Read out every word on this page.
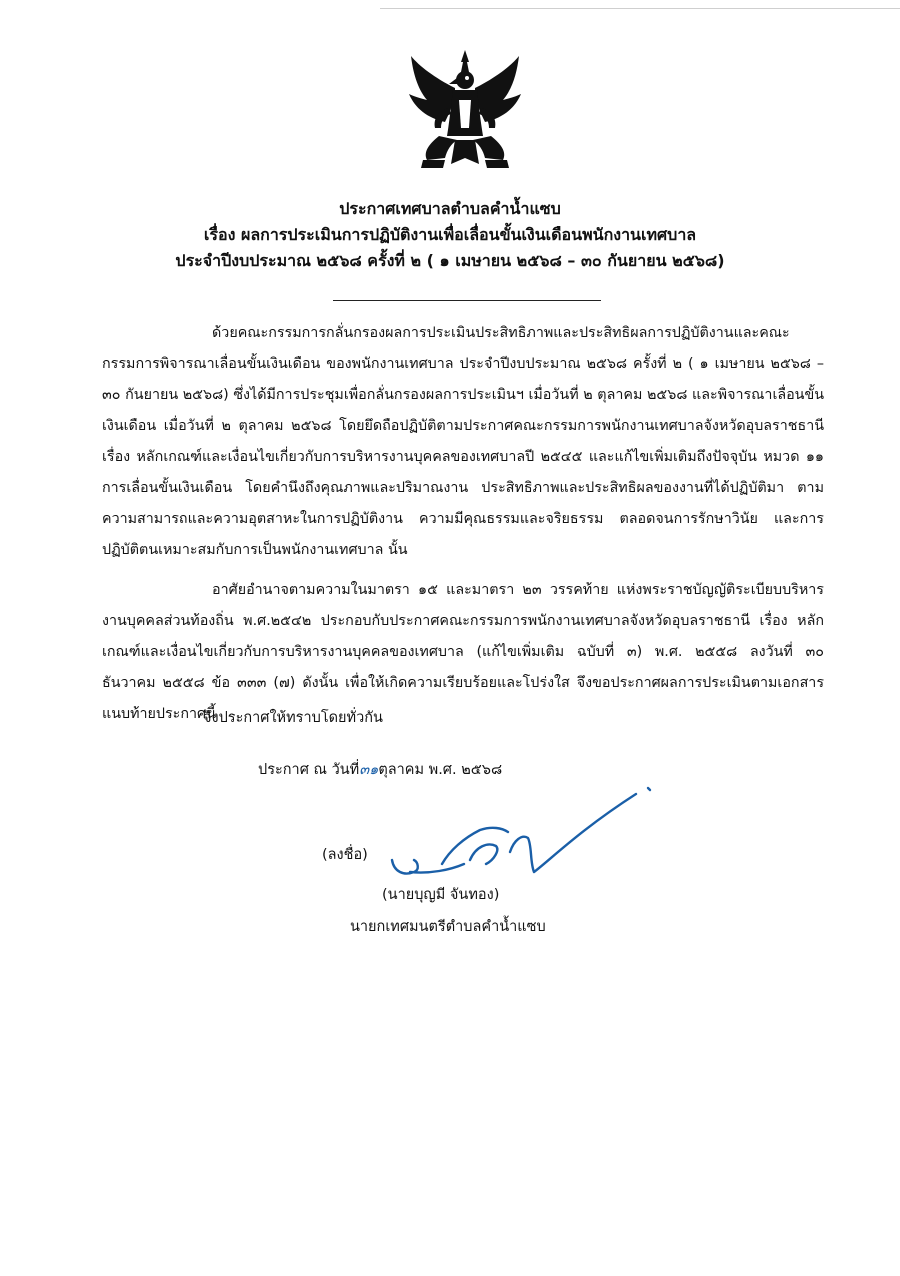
ประกาศเทศบาลตำบลคำน้ำแซบ
เรื่อง ผลการประเมินการปฏิบัติงานเพื่อเลื่อนขั้นเงินเดือนพนักงานเทศบาล
ประจำปีงบประมาณ ๒๕๖๘ ครั้งที่ ๒ ( ๑ เมษายน ๒๕๖๘ – ๓๐ กันยายน ๒๕๖๘)

ด้วยคณะกรรมการกลั่นกรองผลการประเมินประสิทธิภาพและประสิทธิผลการปฏิบัติงานและคณะกรรมการพิจารณาเลื่อนขั้นเงินเดือน ของพนักงานเทศบาล ประจำปีงบประมาณ ๒๕๖๘ ครั้งที่ ๒ ( ๑ เมษายน ๒๕๖๘ – ๓๐ กันยายน ๒๕๖๘) ซึ่งได้มีการประชุมเพื่อกลั่นกรองผลการประเมินฯ เมื่อวันที่ ๒ ตุลาคม ๒๕๖๘ และพิจารณาเลื่อนขั้นเงินเดือน เมื่อวันที่ ๒ ตุลาคม ๒๕๖๘ โดยยึดถือปฏิบัติตามประกาศคณะกรรมการพนักงานเทศบาลจังหวัดอุบลราชธานี เรื่อง หลักเกณฑ์และเงื่อนไขเกี่ยวกับการบริหารงานบุคคลของเทศบาลปี ๒๕๔๕ และแก้ไขเพิ่มเติมถึงปัจจุบัน หมวด ๑๑ การเลื่อนขั้นเงินเดือน โดยคำนึงถึงคุณภาพและปริมาณงาน ประสิทธิภาพและประสิทธิผลของงานที่ได้ปฏิบัติมา ตามความสามารถและความอุตสาหะในการปฏิบัติงาน ความมีคุณธรรมและจริยธรรม ตลอดจนการรักษาวินัย และการปฏิบัติตนเหมาะสมกับการเป็นพนักงานเทศบาล นั้น

อาศัยอำนาจตามความในมาตรา ๑๕ และมาตรา ๒๓ วรรคท้าย แห่งพระราชบัญญัติระเบียบบริหารงานบุคคลส่วนท้องถิ่น พ.ศ.๒๕๔๒ ประกอบกับประกาศคณะกรรมการพนักงานเทศบาลจังหวัดอุบลราชธานี เรื่อง หลักเกณฑ์และเงื่อนไขเกี่ยวกับการบริหารงานบุคคลของเทศบาล (แก้ไขเพิ่มเติม ฉบับที่ ๓) พ.ศ. ๒๕๕๘ ลงวันที่ ๓๐ ธันวาคม ๒๕๕๘ ข้อ ๓๓๓ (๗) ดังนั้น เพื่อให้เกิดความเรียบร้อยและโปร่งใส จึงขอประกาศผลการประเมินตามเอกสารแนบท้ายประกาศนี้

จึงประกาศให้ทราบโดยทั่วกัน
ประกาศ ณ วันที่๓๑ตุลาคม พ.ศ. ๒๕๖๘
(ลงชื่อ)
(นายบุญมี จันทอง)
นายกเทศมนตรีตำบลคำน้ำแซบ
